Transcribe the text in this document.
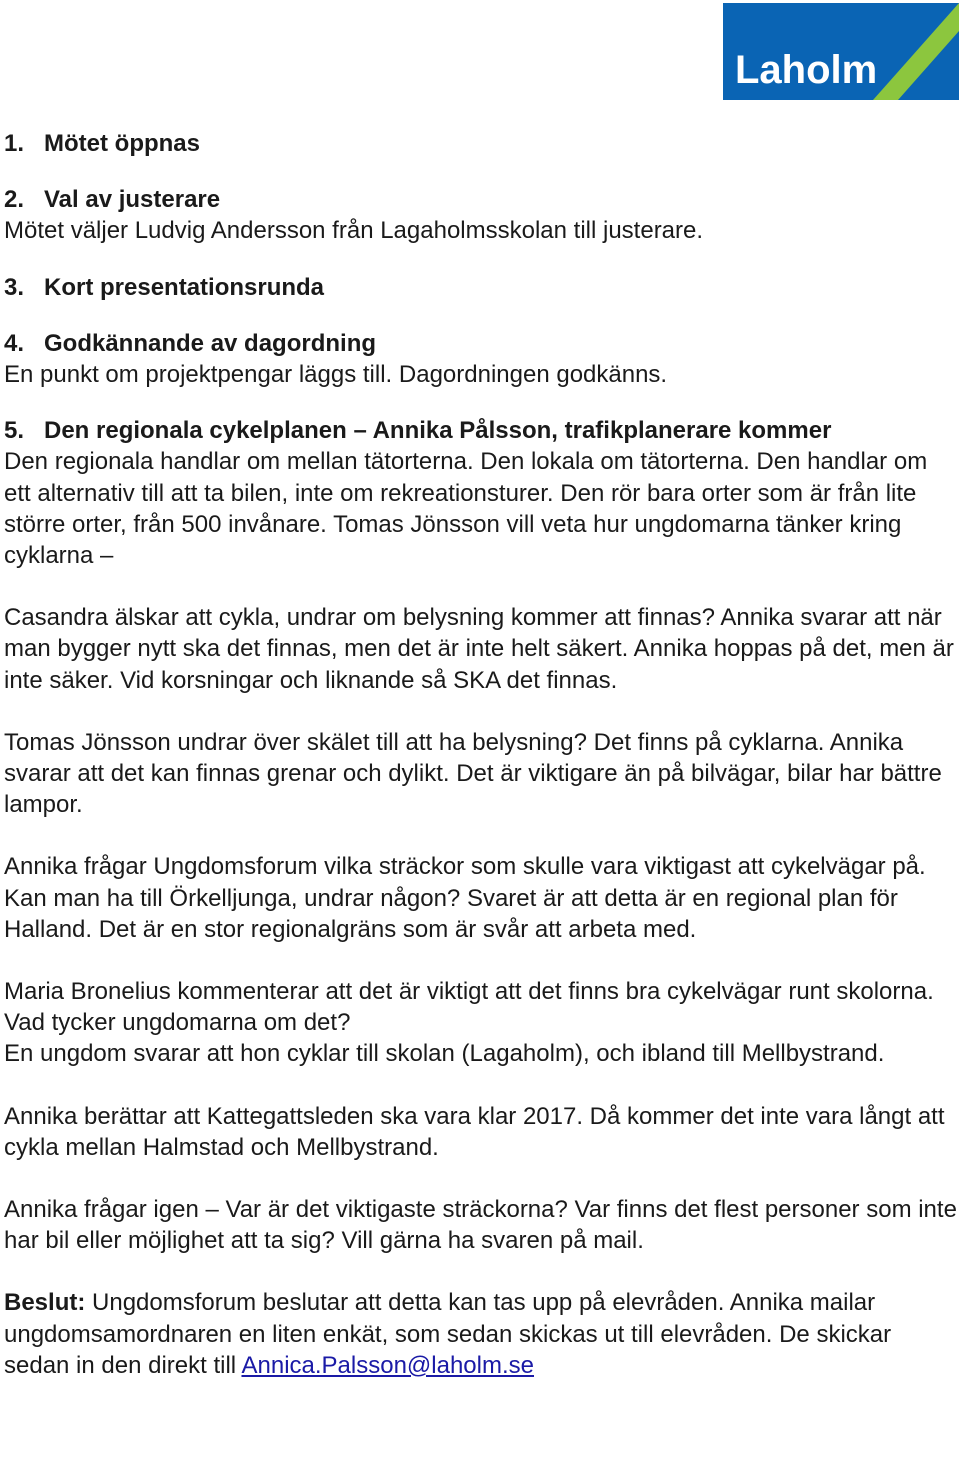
Laholm

1. Mötet öppnas

2. Val av justerare

Mötet väljer Ludvig Andersson från Lagaholmsskolan till justerare.

3. Kort presentationsrunda

4. Godkännande av dagordning

En punkt om projektpengar läggs till. Dagordningen godkänns.

5. Den regionala cykelplanen – Annika Pålsson, trafikplanerare kommer

Den regionala handlar om mellan tätorterna. Den lokala om tätorterna. Den handlar om ett alternativ till att ta bilen, inte om rekreationsturer. Den rör bara orter som är från lite större orter, från 500 invånare. Tomas Jönsson vill veta hur ungdomarna tänker kring cyklarna –

Casandra älskar att cykla, undrar om belysning kommer att finnas? Annika svarar att när man bygger nytt ska det finnas, men det är inte helt säkert. Annika hoppas på det, men är inte säker. Vid korsningar och liknande så SKA det finnas.

Tomas Jönsson undrar över skälet till att ha belysning? Det finns på cyklarna. Annika svarar att det kan finnas grenar och dylikt. Det är viktigare än på bilvägar, bilar har bättre lampor.

Annika frågar Ungdomsforum vilka sträckor som skulle vara viktigast att cykelvägar på.

Kan man ha till Örkelljunga, undrar någon? Svaret är att detta är en regional plan för Halland. Det är en stor regionalgräns som är svår att arbeta med.

Maria Bronelius kommenterar att det är viktigt att det finns bra cykelvägar runt skolorna. Vad tycker ungdomarna om det?

En ungdom svarar att hon cyklar till skolan (Lagaholm), och ibland till Mellbystrand.

Annika berättar att Kattegattsleden ska vara klar 2017. Då kommer det inte vara långt att cykla mellan Halmstad och Mellbystrand.

Annika frågar igen – Var är det viktigaste sträckorna? Var finns det flest personer som inte har bil eller möjlighet att ta sig? Vill gärna ha svaren på mail.

Beslut: Ungdomsforum beslutar att detta kan tas upp på elevråden. Annika mailar ungdomsamordnaren en liten enkät, som sedan skickas ut till elevråden. De skickar sedan in den direkt till Annica.Palsson@laholm.se
